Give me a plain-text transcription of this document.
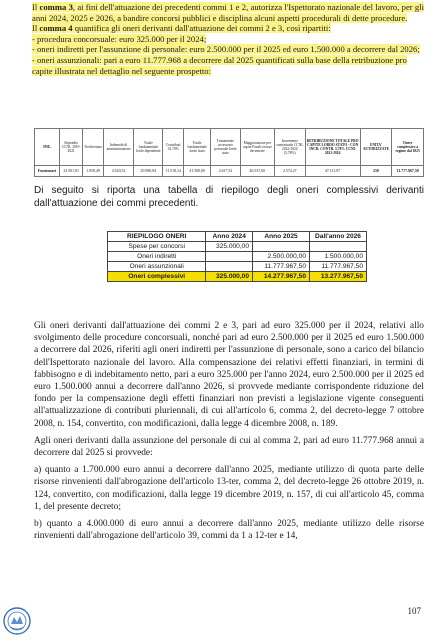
Il comma 3, ai fini dell'attuazione dei precedenti commi 1 e 2, autorizza l'Ispettorato nazionale del lavoro, per gli anni 2024, 2025 e 2026, a bandire concorsi pubblici e disciplina alcuni aspetti procedurali di dette procedure.

Il comma 4 quantifica gli oneri derivanti dall'attuazione dei commi 2 e 3, così ripartiti:

- procedura concorsuale: euro 325.000 per il 2024;

- oneri indiretti per l'assunzione di personale: euro 2.500.000 per il 2025 ed euro 1.500.000 a decorrere dal 2026;

- oneri assunzionali: pari a euro 11.777.968 a decorrere dal 2025 quantificati sulla base della retribuzione pro capite illustrata nel dettaglio nel seguente prospetto:

INL	Stipendio CCNL 2019-2021	Tredicesima	Indennità di amministrazione	Totale fondamentale lordo dipendente	Contributi 32,70%	Totale fondamentale lordo stato	Trattamento accessorio personale lordo stato	Maggiorazione per capite Fondo risorse decentrate	Incremento contrattuale CCNL 2022-2024 (5,78%)	RETRIBUZIONE TOTALE PRO CAPITE LORDO STATO - CON INCR. CONTR. 5,78% CCNL 2022-2024	UNITA' AUTORIZZATE	Onere complessivo a regime dal 2025
Funzionari	23.501,81	1.958,49	4.520,52	29.980,84	11.518,14	41.500,00	2.617,52	46.537,00	2.574,27	47.111,87	250	11.777.967,50
Di seguito si riporta una tabella di riepilogo degli oneri complessivi derivanti dall'attuazione dei commi precedenti.
RIEPILOGO ONERI	Anno 2024	Anno 2025	Dall'anno 2026
Spese per concorsi	325.000,00		
Oneri indiretti		2.500.000,00	1.500.000,00
Oneri assunzionali		11.777.967,50	11.777.967,50
Oneri complessivi	325.000,00	14.277.967,50	13.277.967,50

Gli oneri derivanti dall'attuazione dei commi 2 e 3, pari ad euro 325.000 per il 2024, relativi allo svolgimento delle procedure concorsuali, nonché pari ad euro 2.500.000 per il 2025 ed euro 1.500.000 a decorrere dal 2026, riferiti agli oneri indiretti per l'assunzione di personale, sono a carico del bilancio dell'Ispettorato nazionale del lavoro. Alla compensazione dei relativi effetti finanziari, in termini di fabbisogno e di indebitamento netto, pari a euro 325.000 per l'anno 2024, euro 2.500.000 per il 2025 ed euro 1.500.000 annui a decorrere dall'anno 2026, si provvede mediante corrispondente riduzione del fondo per la compensazione degli effetti finanziari non previsti a legislazione vigente conseguenti all'attualizzazione di contributi pluriennali, di cui all'articolo 6, comma 2, del decreto-legge 7 ottobre 2008, n. 154, convertito, con modificazioni, dalla legge 4 dicembre 2008, n. 189.

Agli oneri derivanti dalla assunzione del personale di cui al comma 2, pari ad euro 11.777.968 annui a decorrere dal 2025 si provvede:

a) quanto a 1.700.000 euro annui a decorrere dall'anno 2025, mediante utilizzo di quota parte delle risorse rinvenienti dall'abrogazione dell'articolo 13-ter, comma 2, del decreto-legge 26 ottobre 2019, n. 124, convertito, con modificazioni, dalla legge 19 dicembre 2019, n. 157, di cui all'articolo 45, comma 1, del presente decreto;

b) quanto a 4.000.000 di euro annui a decorrere dall'anno 2025, mediante utilizzo delle risorse rinvenienti dall'abrogazione dell'articolo 39, commi da 1 a 12-ter e 14,

107
